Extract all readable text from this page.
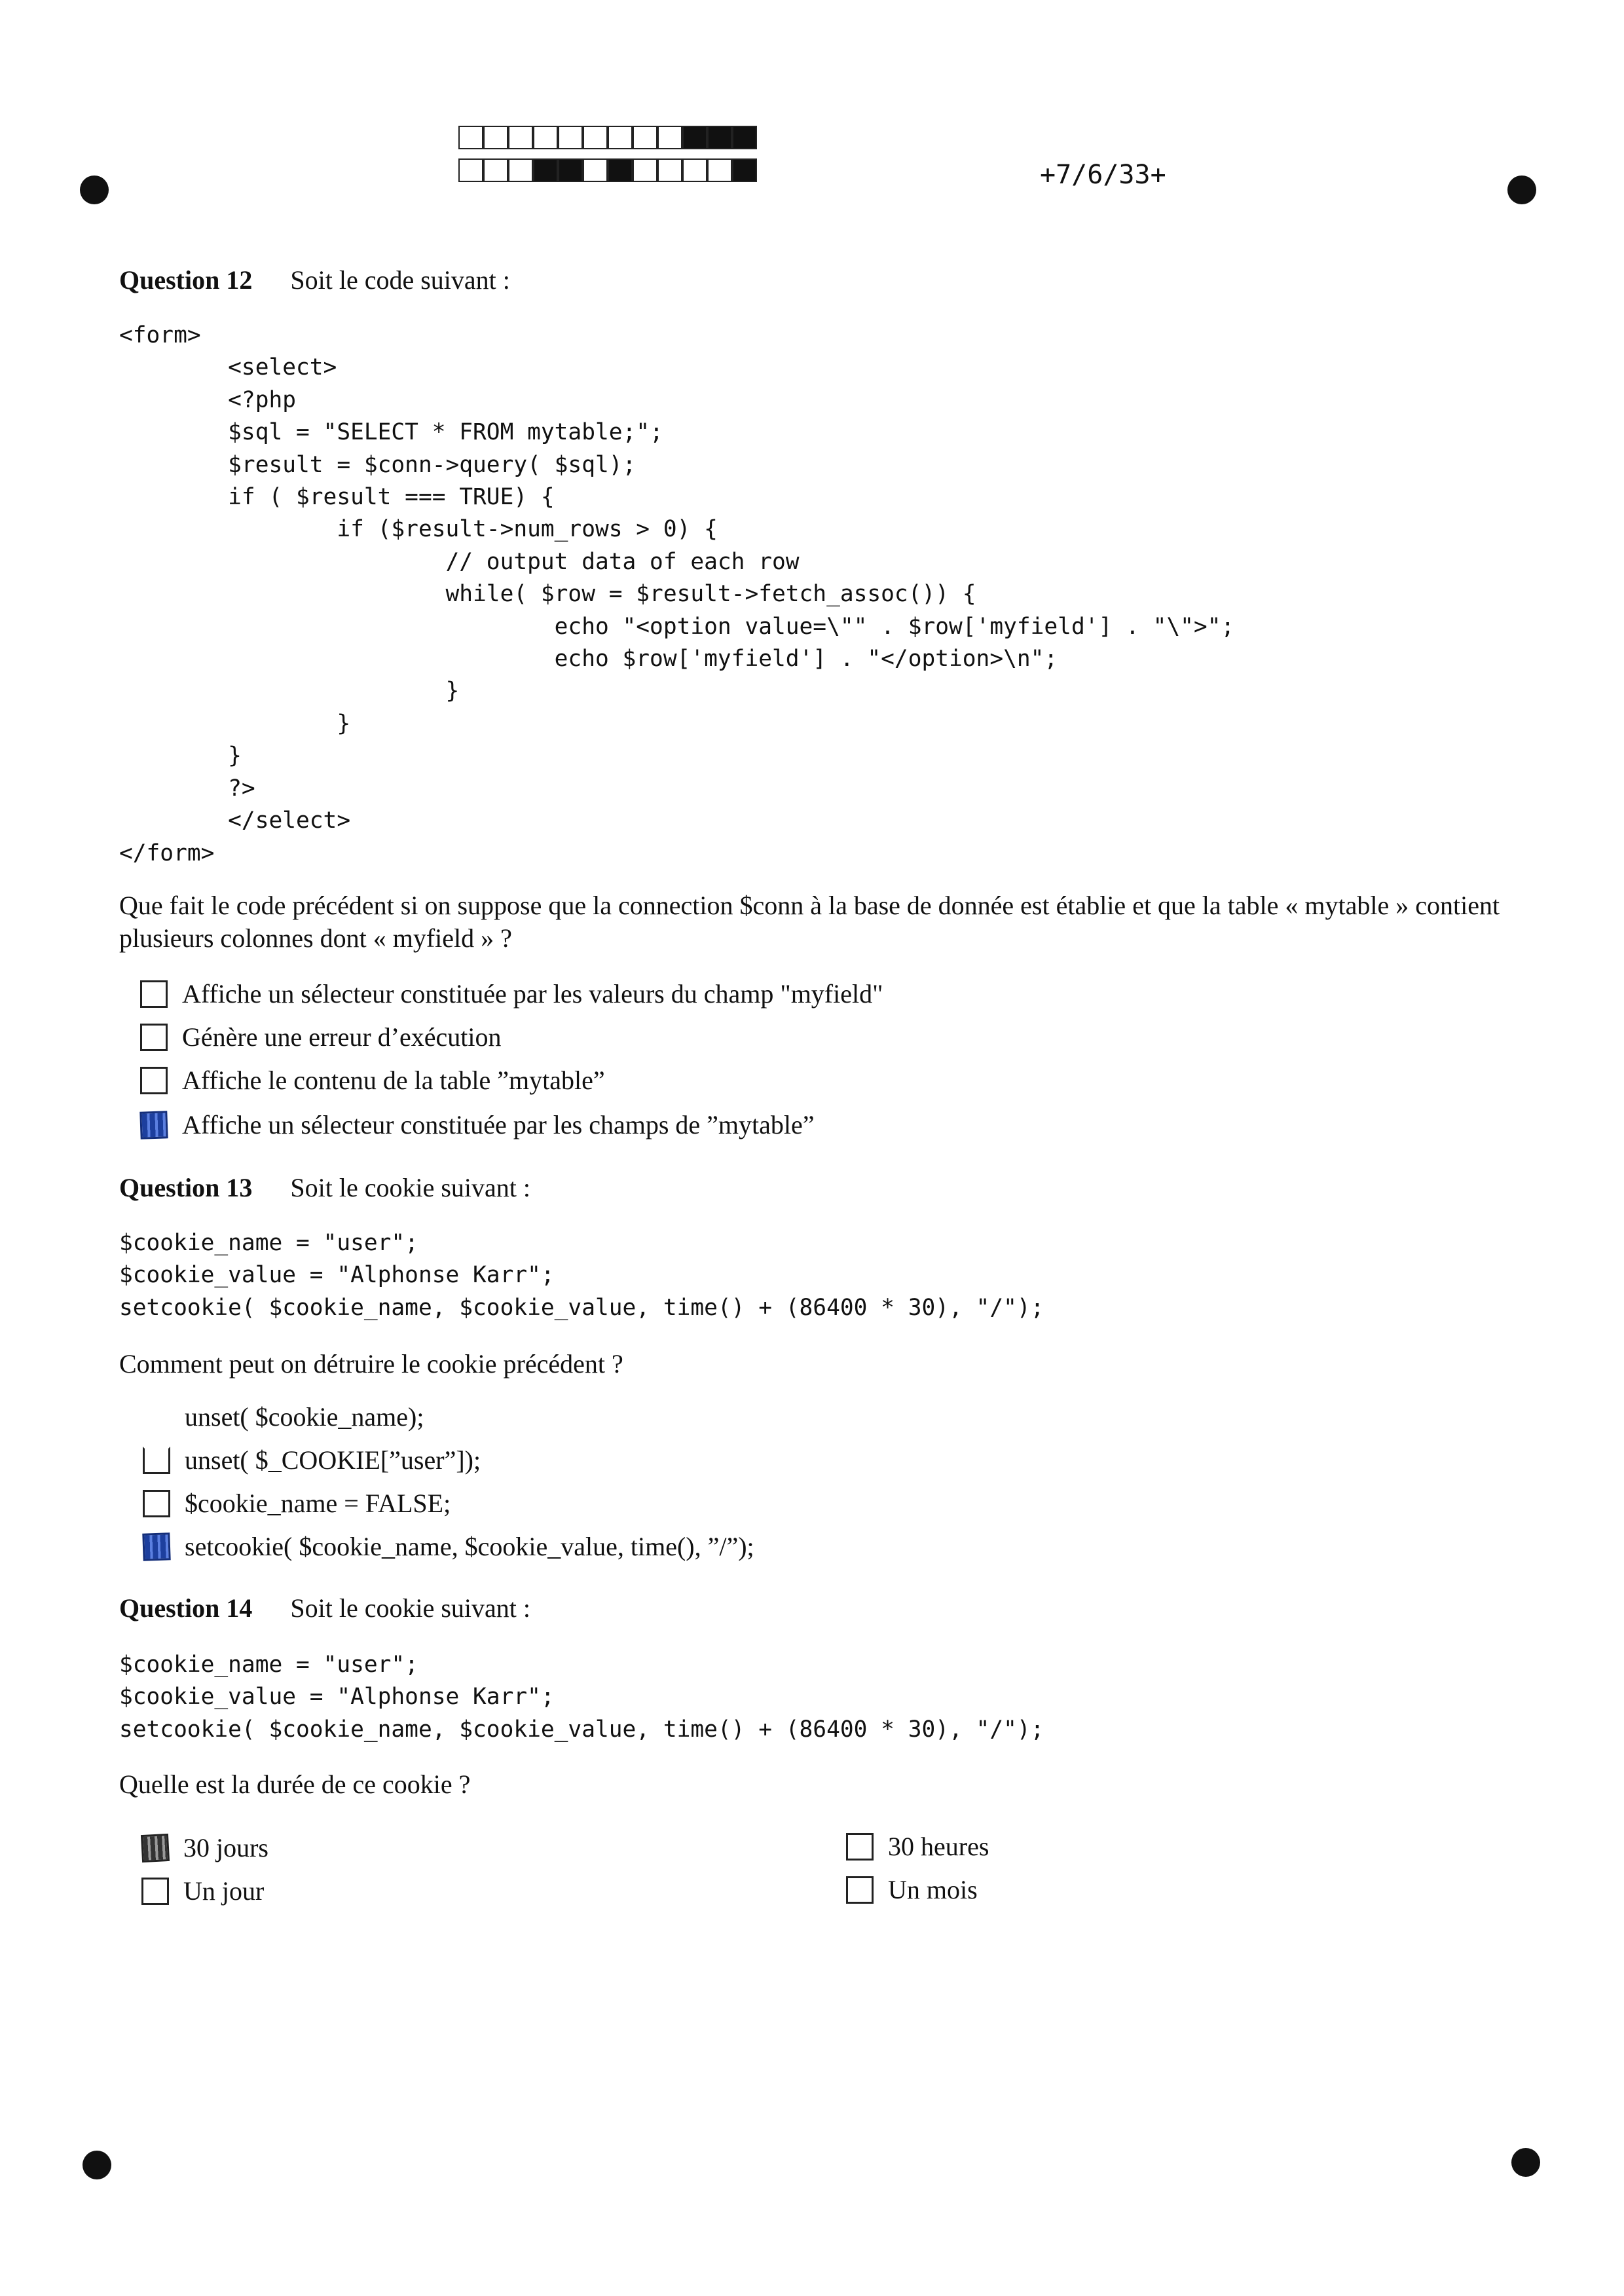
+7/6/33+
Question 12 Soit le code suivant :
<form>
<select>
<?php
$sql = "SELECT * FROM mytable;";
$result = $conn->query( $sql);
if ( $result === TRUE) {
if ($result->num_rows > 0) {
// output data of each row
while( $row = $result->fetch_assoc()) {
echo "<option value=\"" . $row['myfield'] . "\">";
echo $row['myfield'] . "</option>\n";
}
}
}
?>
</select>
</form>
Que fait le code précédent si on suppose que la connection $conn à la base de donnée est établie et que la table « mytable » contient plusieurs colonnes dont « myfield » ?
Affiche un sélecteur constituée par les valeurs du champ "myfield"
Génère une erreur d’exécution
Affiche le contenu de la table ”mytable”
Affiche un sélecteur constituée par les champs de ”mytable”
Question 13 Soit le cookie suivant :
$cookie_name = "user";
$cookie_value = "Alphonse Karr";
setcookie( $cookie_name, $cookie_value, time() + (86400 * 30), "/");
Comment peut on détruire le cookie précédent ?
unset( $cookie_name);
unset( $_COOKIE[”user”]);
$cookie_name = FALSE;
setcookie( $cookie_name, $cookie_value, time(), ”/”);
Question 14 Soit le cookie suivant :
$cookie_name = "user";
$cookie_value = "Alphonse Karr";
setcookie( $cookie_name, $cookie_value, time() + (86400 * 30), "/");
Quelle est la durée de ce cookie ?
30 jours
Un jour
30 heures
Un mois
